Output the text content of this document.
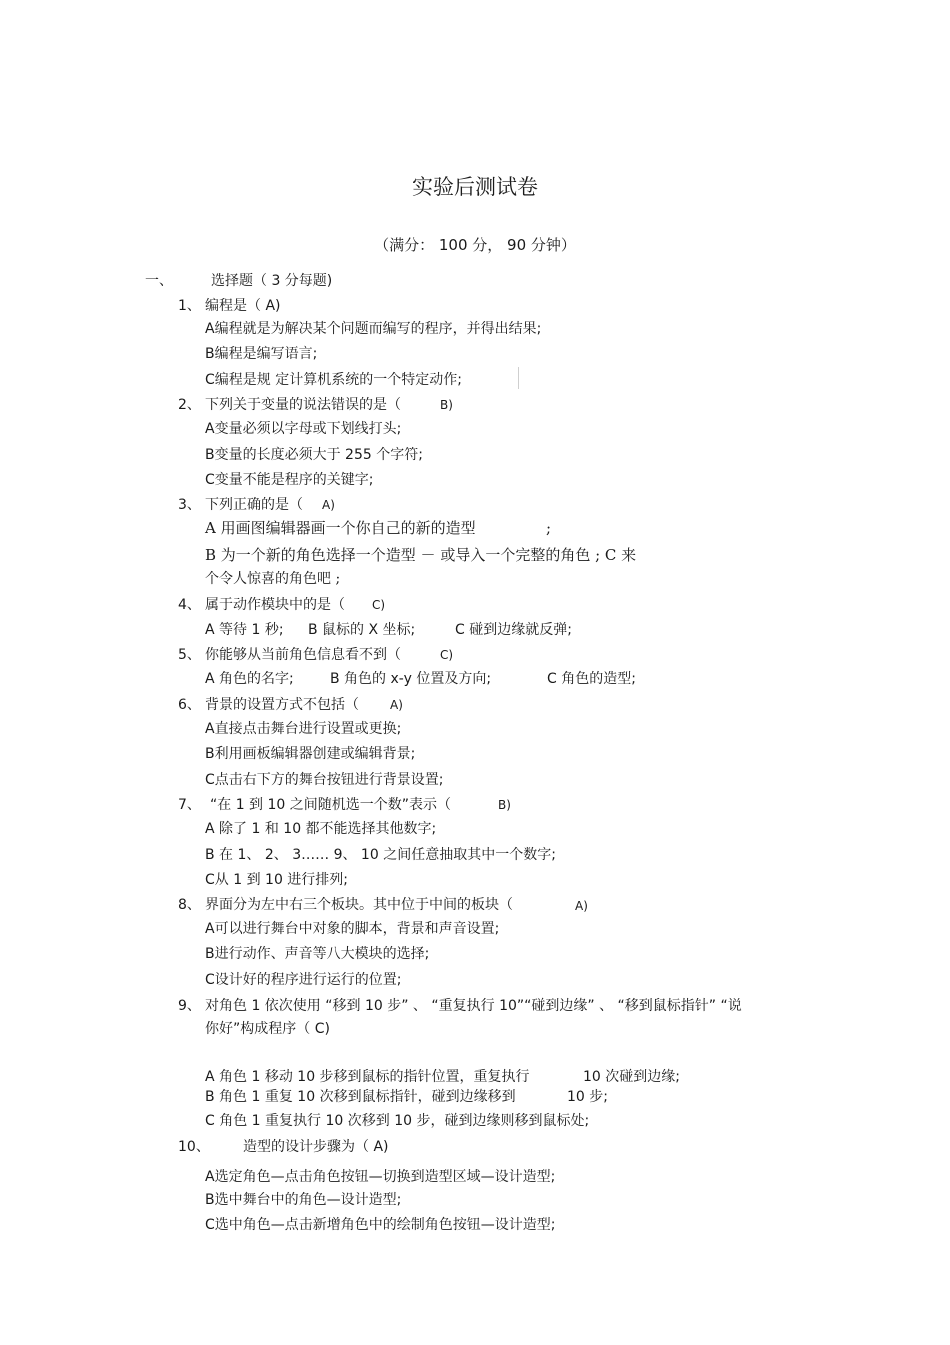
实验后测试卷
（满分： 100 分， 90 分钟）
一、	选择题（ 3 分每题)
1、 编程是（ A)
A编程就是为解决某个问题而编写的程序，并得出结果;
B编程是编写语言;
C编程是规 定计算机系统的一个特定动作;
2、 下列关于变量的说法错误的是（	B)
A变量必须以字母或下划线打头;
B变量的长度必须大于 255 个字符;
C变量不能是程序的关键字;
3、 下列正确的是（ A)
A 用画图编辑器画一个你自己的新的造型	;
B 为一个新的角色选择一个造型 － 或导入一个完整的角色 ; C 来
个令人惊喜的角色吧 ;
4、 属于动作模块中的是（ C)
A 等待 1 秒; B 鼠标的 X 坐标;	C 碰到边缘就反弹;
5、 你能够从当前角色信息看不到（	C)
A 角色的名字;	B 角色的 x-y 位置及方向;	C 角色的造型;
6、 背景的设置方式不包括（	A)
A直接点击舞台进行设置或更换;
B利用画板编辑器创建或编辑背景;
C点击右下方的舞台按钮进行背景设置;
7、 “在 1 到 10 之间随机选一个数”表示（	B)
A 除了 1 和 10 都不能选择其他数字;
B 在 1、 2、 3…… 9、 10 之间任意抽取其中一个数字;
C从 1 到 10 进行排列;
8、 界面分为左中右三个板块。其中位于中间的板块（	A)
A可以进行舞台中对象的脚本，背景和声音设置;
B进行动作、声音等八大模块的选择;
C设计好的程序进行运行的位置;
9、 对角色 1 依次使用 “移到 10 步” 、 “重复执行 10”“碰到边缘” 、 “移到鼠标指针” “说
你好”构成程序（ C)
A 角色 1 移动 10 步移到鼠标的指针位置，重复执行	10 次碰到边缘;
B 角色 1 重复 10 次移到鼠标指针，碰到边缘移到	10 步;
C 角色 1 重复执行 10 次移到 10 步，碰到边缘则移到鼠标处;
10、 造型的设计步骤为（ A)
A选定角色—点击角色按钮—切换到造型区域—设计造型;
B选中舞台中的角色—设计造型;
C选中角色—点击新增角色中的绘制角色按钮—设计造型;
